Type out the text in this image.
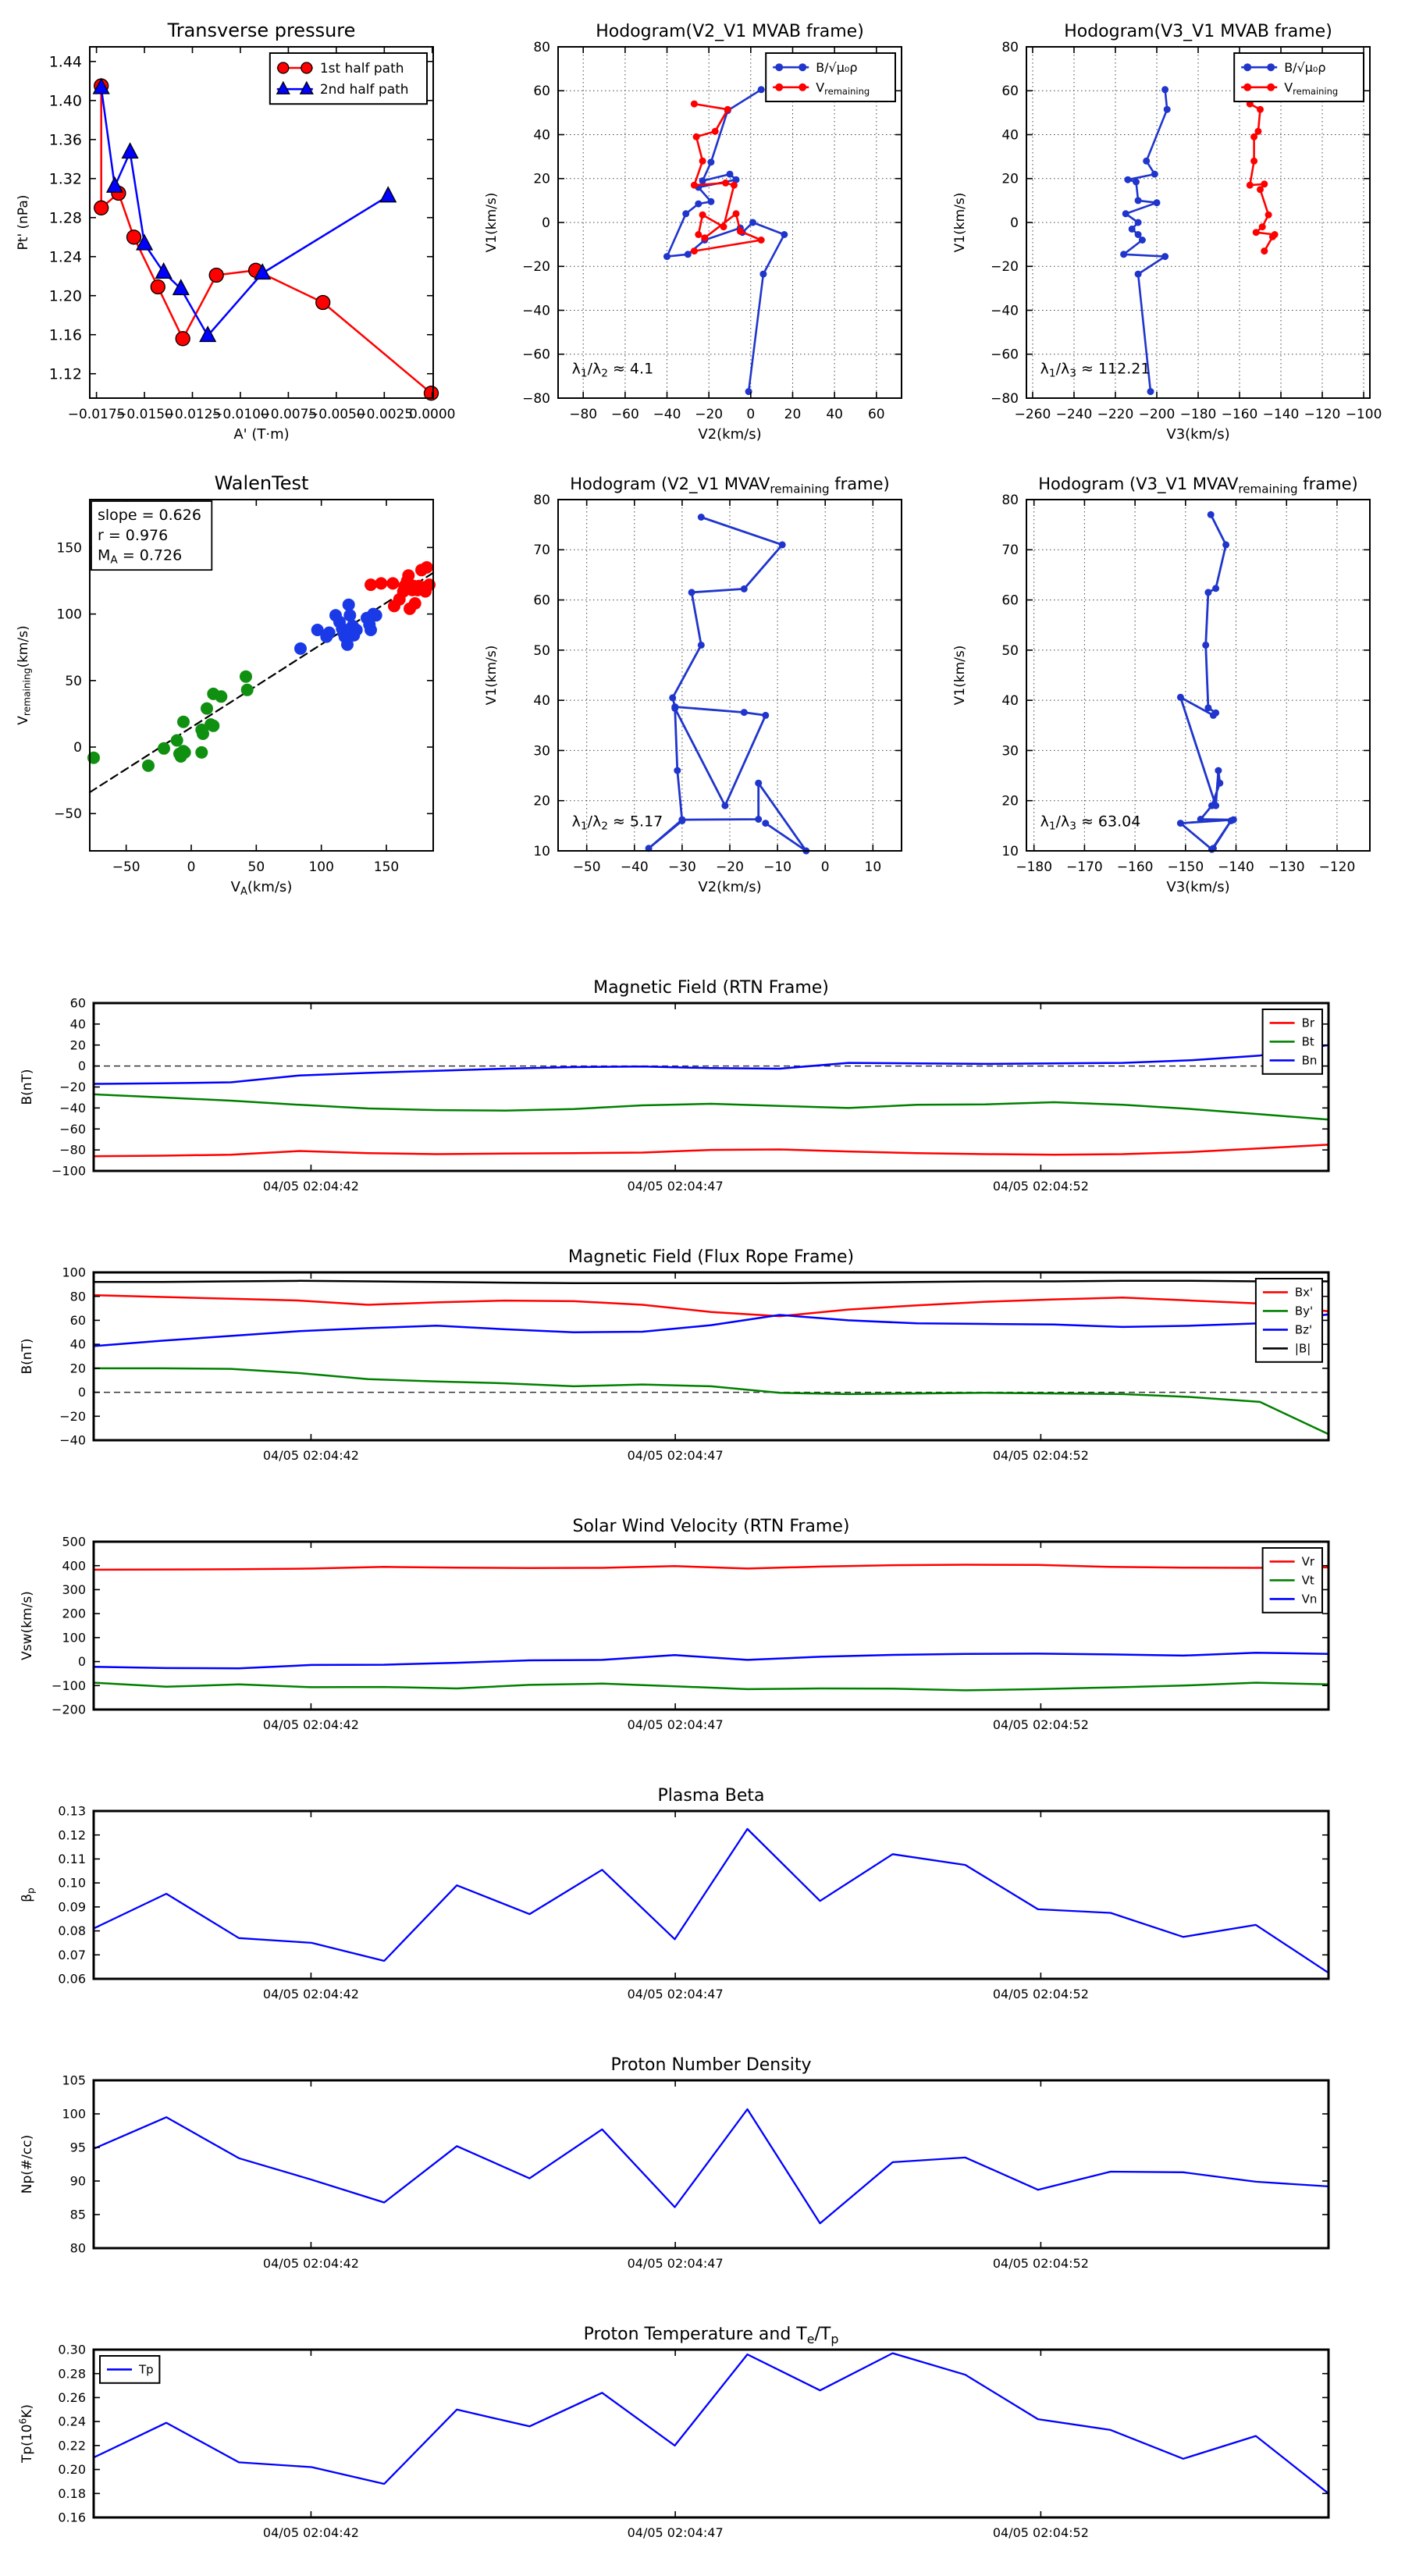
−0.0175
−0.0150
−0.0125
−0.0100
−0.0075
−0.0050
−0.0025
0.0000
1.12
1.16
1.20
1.24
1.28
1.32
1.36
1.40
1.44
Transverse pressure
A' (T·m)
Pt' (nPa)
1st half path
2nd half path
−80 −60 −40 −20 0 20 40 60
−80
−60
−40
−20
0
20
40
60
80
Hodogram(V2_V1 MVAB frame)
V2(km/s)
V1(km/s)
$\lambda_1/\lambda_2 \approx 4.1$
B/√μ₀ρ
$V_{remaining}$
−260 −240 −220 −200 −180 −160 −140 −120 −100
−80
−60
−40
−20
0
20
40
60
80
Hodogram(V3_V1 MVAB frame)
V3(km/s)
V1(km/s)
$\lambda_1/\lambda_3 \approx 112.21$
B/√μ₀ρ
$V_{remaining}$
−50	0	50	100	150
−50
0
50
100
150
WalenTest
$V_A(km/s)$
$V_{remaining}(km/s)$
slope = 0.626
r = 0.976
$M_A = 0.726$
−50 −40 −30 −20 −10 0	10
10
20
30
40
50
60
70
80
Hodogram (V2_V1 $MVAV_{remaining}$ frame)
V2(km/s)
V1(km/s)
$\lambda_1/\lambda_2 \approx 5.17$
−180 −170 −160 −150 −140 −130 −120
10
20
30
40
50
60
70
80
Hodogram (V3_V1 $MVAV_{remaining}$ frame)
V3(km/s)
V1(km/s)
$\lambda_1/\lambda_3 \approx 63.04$
04/05 02:04:42	04/05 02:04:47	04/05 02:04:52
−100
−80
−60
−40
−20
0
20
40
60
Magnetic Field (RTN Frame)
B(nT)
Br
Bt
Bn
04/05 02:04:42	04/05 02:04:47	04/05 02:04:52
−40
−20
0
20
40
60
80
100
Magnetic Field (Flux Rope Frame)
B(nT)
Bx'
By'
Bz'
|B|
04/05 02:04:42	04/05 02:04:47	04/05 02:04:52
−200
−100
0
100
200
300
400
500
Solar Wind Velocity (RTN Frame)
Vsw(km/s)
Vr
Vt
Vn
04/05 02:04:42	04/05 02:04:47	04/05 02:04:52
0.06
0.07
0.08
0.09
0.10
0.11
0.12
0.13
Plasma Beta
$\beta_p$
04/05 02:04:42	04/05 02:04:47	04/05 02:04:52
80
85
90
95
100
105
Proton Number Density
Np(#/cc)
04/05 02:04:42	04/05 02:04:47	04/05 02:04:52
0.16
0.18
0.20
0.22
0.24
0.26
0.28
0.30
Proton Temperature and $T_e/T_p$
$Tp(10^6K)$
Tp
